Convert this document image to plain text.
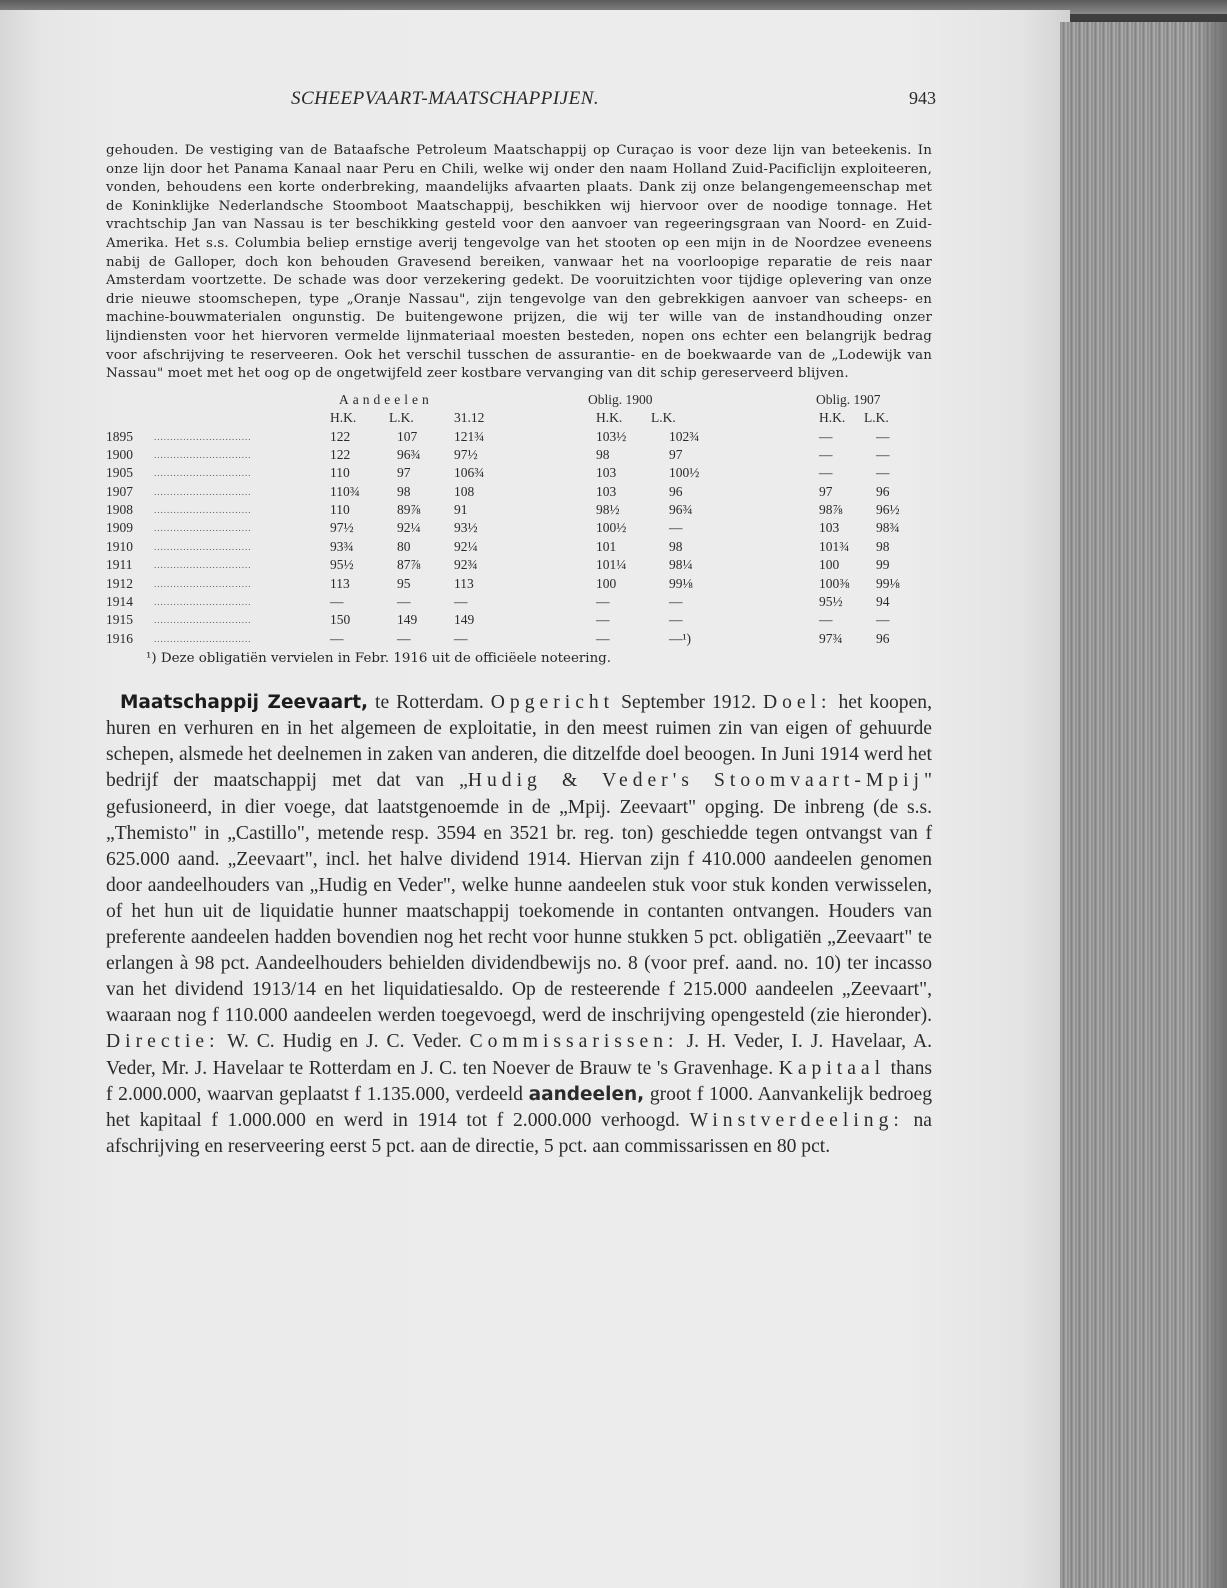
SCHEEPVAART-MAATSCHAPPIJEN.	943
gehouden. De vestiging van de Bataafsche Petroleum Maatschappij op Curaçao is voor deze lijn van beteekenis. In onze lijn door het Panama Kanaal naar Peru en Chili, welke wij onder den naam Holland Zuid-Pacificlijn exploiteeren, vonden, behoudens een korte onderbreking, maandelijks afvaarten plaats. Dank zij onze belangengemeenschap met de Koninklijke Nederlandsche Stoomboot Maatschappij, beschikken wij hiervoor over de noodige tonnage. Het vrachtschip Jan van Nassau is ter beschikking gesteld voor den aanvoer van regeeringsgraan van Noord- en Zuid-Amerika. Het s.s. Columbia beliep ernstige averij tengevolge van het stooten op een mijn in de Noordzee eveneens nabij de Galloper, doch kon behouden Gravesend bereiken, vanwaar het na voorloopige reparatie de reis naar Amsterdam voortzette. De schade was door verzekering gedekt. De vooruitzichten voor tijdige oplevering van onze drie nieuwe stoomschepen, type „Oranje Nassau", zijn tengevolge van den gebrekkigen aanvoer van scheeps- en machine-bouwmaterialen ongunstig. De buitengewone prijzen, die wij ter wille van de instandhouding onzer lijndiensten voor het hiervoren vermelde lijnmateriaal moesten besteden, nopen ons echter een belangrijk bedrag voor afschrijving te reserveeren. Ook het verschil tusschen de assurantie- en de boekwaarde van de „Lodewijk van Nassau" moet met het oog op de ongetwijfeld zeer kostbare vervanging van dit schip gereserveerd blijven.
Aandeelen	Oblig. 1900	Oblig. 1907
H.K. L.K.	31.12	H.K. L.K.	H.K. L.K.
..............................
1895	122	107	121¾	103½	102¾	—	—
..............................
1900	122	96¾ 97½	98	97	—	—
..............................
1905	110	97	106¾	103	100½	—	—
..............................
1907	110¾	98	108	103	96	97	96
..............................
1908	110	89⅞ 91	98½	96¾	98⅞ 96½
..............................
1909	97½	92¼ 93½	100½	—	103	98¾
..............................
1910	93¾	80	92¼	101	98	101¾ 98
..............................
1911	95½	87⅞ 92¾	101¼	98¼	100	99
..............................
1912	113	95	113	100	99⅛	100⅜ 99⅛
..............................
1914	—	—	—	—	—	95½ 94
..............................
1915	150	149	149	—	—	—	—
..............................
1916	—	—	—	—	—¹)	97¾ 96
¹) Deze obligatiën vervielen in Febr. 1916 uit de officiëele noteering.
Maatschappij Zeevaart, te Rotterdam. Opgericht September 1912. Doel: het koopen, huren en verhuren en in het algemeen de exploitatie, in den meest ruimen zin van eigen of gehuurde schepen, alsmede het deelnemen in zaken van anderen, die ditzelfde doel beoogen. In Juni 1914 werd het bedrijf der maatschappij met dat van „Hudig & Veder's Stoomvaart-Mpij" gefusioneerd, in dier voege, dat laatstgenoemde in de „Mpij. Zeevaart" opging. De inbreng (de s.s. „Themisto" in „Castillo", metende resp. 3594 en 3521 br. reg. ton) geschiedde tegen ontvangst van f 625.000 aand. „Zeevaart", incl. het halve dividend 1914. Hiervan zijn f 410.000 aandeelen genomen door aandeelhouders van „Hudig en Veder", welke hunne aandeelen stuk voor stuk konden verwisselen, of het hun uit de liquidatie hunner maatschappij toekomende in contanten ontvangen. Houders van preferente aandeelen hadden bovendien nog het recht voor hunne stukken 5 pct. obligatiën „Zeevaart" te erlangen à 98 pct. Aandeelhouders behielden dividendbewijs no. 8 (voor pref. aand. no. 10) ter incasso van het dividend 1913/14 en het liquidatiesaldo. Op de resteerende f 215.000 aandeelen „Zeevaart", waaraan nog f 110.000 aandeelen werden toegevoegd, werd de inschrijving opengesteld (zie hieronder). Directie: W. C. Hudig en J. C. Veder. Commissarissen: J. H. Veder, I. J. Havelaar, A. Veder, Mr. J. Havelaar te Rotterdam en J. C. ten Noever de Brauw te 's Gravenhage. Kapitaal thans f 2.000.000, waarvan geplaatst f 1.135.000, verdeeld aandeelen, groot f 1000. Aanvankelijk bedroeg het kapitaal f 1.000.000 en werd in 1914 tot f 2.000.000 verhoogd. Winstverdeeling: na afschrijving en reserveering eerst 5 pct. aan de directie, 5 pct. aan commissarissen en 80 pct.
